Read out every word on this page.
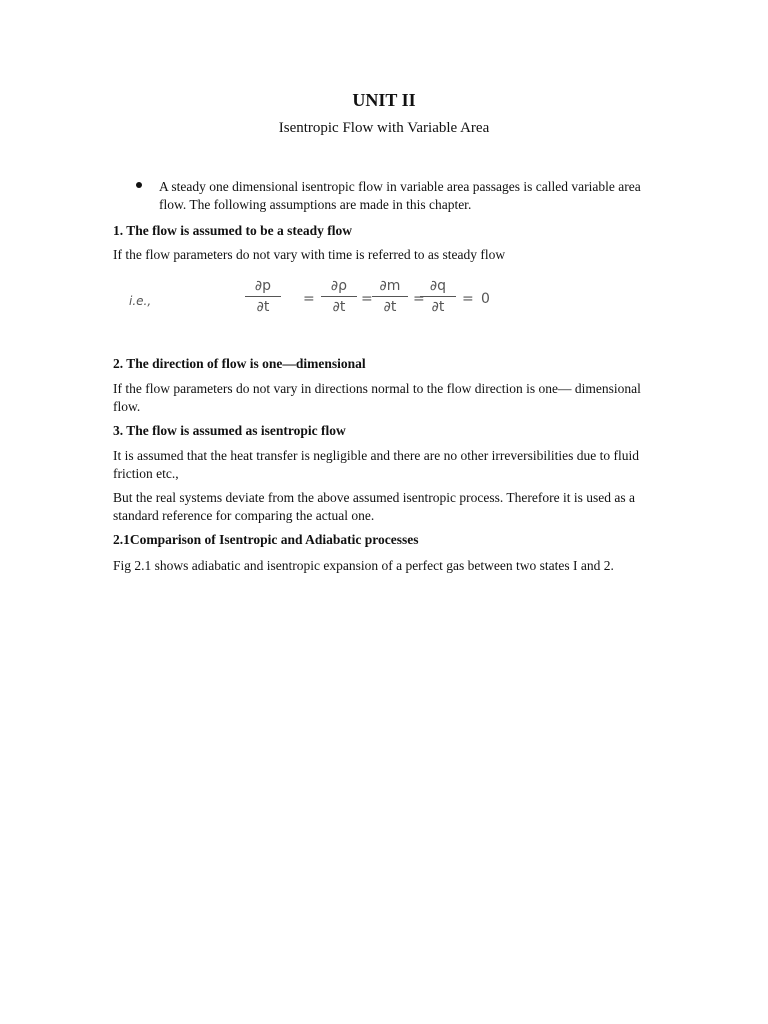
UNIT II
Isentropic Flow with Variable Area
A steady one dimensional isentropic flow in variable area passages is called variable area flow. The following assumptions are made in this chapter.

1. The flow is assumed to be a steady flow

If the flow parameters do not vary with time is referred to as steady flow

i.e.,	$\frac{\partial p}{\partial t} = \frac{\partial\rho}{\partial t} = \frac{\partial m}{\partial t}$ =
$\frac{\partial q}{\partial t} = 0$

2. The direction of flow is one—dimensional

If the flow parameters do not vary in directions normal to the flow direction is one— dimensional flow.

3. The flow is assumed as isentropic flow

It is assumed that the heat transfer is negligible and there are no other irreversibilities due to fluid friction etc.,

But the real systems deviate from the above assumed isentropic process. Therefore it is used as a standard reference for comparing the actual one.

2.1Comparison of Isentropic and Adiabatic processes

Fig 2.1 shows adiabatic and isentropic expansion of a perfect gas between two states I and 2.
